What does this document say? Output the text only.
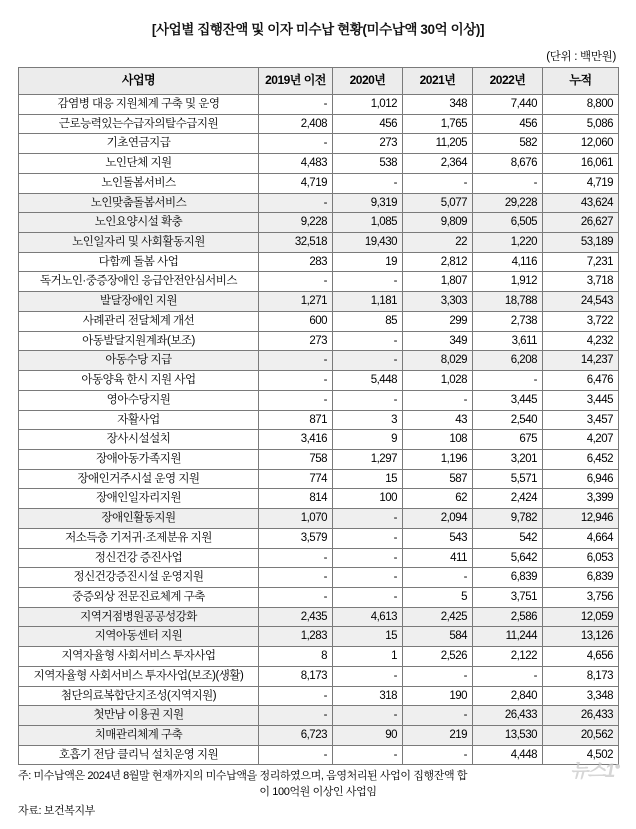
[사업별 집행잔액 및 이자 미수납 현황(미수납액 30억 이상)]
(단위 : 백만원)
사업명	2019년 이전	2020년	2021년	2022년	누적
감염병 대응 지원체계 구축 및 운영	-	1,012	348	7,440	8,800
근로능력있는수급자의탈수급지원	2,408	456	1,765	456	5,086
기초연금지급	-	273	11,205	582	12,060
노인단체 지원	4,483	538	2,364	8,676	16,061
노인돌봄서비스	4,719	-	-	-	4,719
노인맞춤돌봄서비스	-	9,319	5,077	29,228	43,624
노인요양시설 확충	9,228	1,085	9,809	6,505	26,627
노인일자리 및 사회활동지원	32,518	19,430	22	1,220	53,189
다함께 돌봄 사업	283	19	2,812	4,116	7,231
독거노인·중증장애인 응급안전안심서비스	-	-	1,807	1,912	3,718
발달장애인 지원	1,271	1,181	3,303	18,788	24,543
사례관리 전달체계 개선	600	85	299	2,738	3,722
아동발달지원계좌(보조)	273	-	349	3,611	4,232
아동수당 지급	-	-	8,029	6,208	14,237
아동양육 한시 지원 사업	-	5,448	1,028	-	6,476
영아수당지원	-	-	-	3,445	3,445
자활사업	871	3	43	2,540	3,457
장사시설설치	3,416	9	108	675	4,207
장애아동가족지원	758	1,297	1,196	3,201	6,452
장애인거주시설 운영 지원	774	15	587	5,571	6,946
장애인일자리지원	814	100	62	2,424	3,399
장애인활동지원	1,070	-	2,094	9,782	12,946
저소득층 기저귀·조제분유 지원	3,579	-	543	542	4,664
정신건강 증진사업	-	-	411	5,642	6,053
정신건강증진시설 운영지원	-	-	-	6,839	6,839
중증외상 전문진료체계 구축	-	-	5	3,751	3,756
지역거점병원공공성강화	2,435	4,613	2,425	2,586	12,059
지역아동센터 지원	1,283	15	584	11,244	13,126
지역자율형 사회서비스 투자사업	8	1	2,526	2,122	4,656
지역자율형 사회서비스 투자사업(보조)(생활)	8,173	-	-	-	8,173
첨단의료복합단지조성(지역지원)	-	318	190	2,840	3,348
첫만남 이용권 지원	-	-	-	26,433	26,433
치매관리체계 구축	6,723	90	219	13,530	20,562
호흡기 전담 클리닉 설치운영 지원	-	-	-	4,448	4,502
주: 미수납액은 2024년 8월말 현재까지의 미수납액을 정리하였으며, 음영처리된 사업이 집행잔액 합
이 100억원 이상인 사업임
자료: 보건복지부
뉴스1●
